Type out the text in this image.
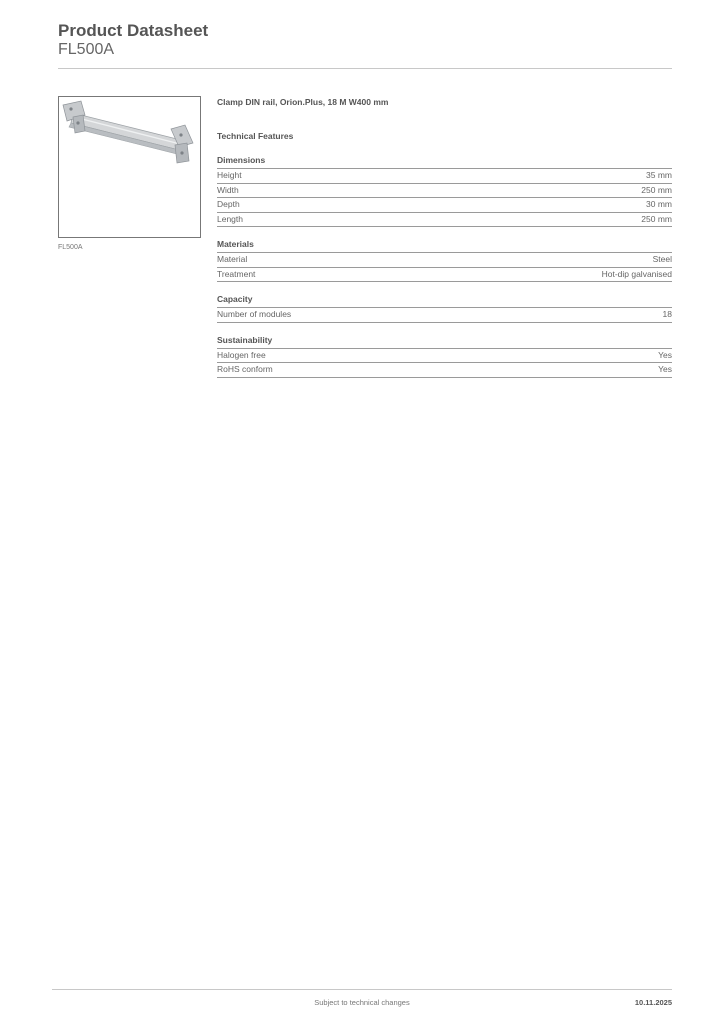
Product Datasheet
FL500A
FL500A
Clamp DIN rail, Orion.Plus, 18 M W400 mm
Technical Features
Dimensions
Height	35 mm
Width	250 mm
Depth	30 mm
Length	250 mm
Materials
Material	Steel
Treatment	Hot-dip galvanised
Capacity
Number of modules	18
Sustainability
Halogen free	Yes
RoHS conform	Yes
Subject to technical changes	10.11.2025
